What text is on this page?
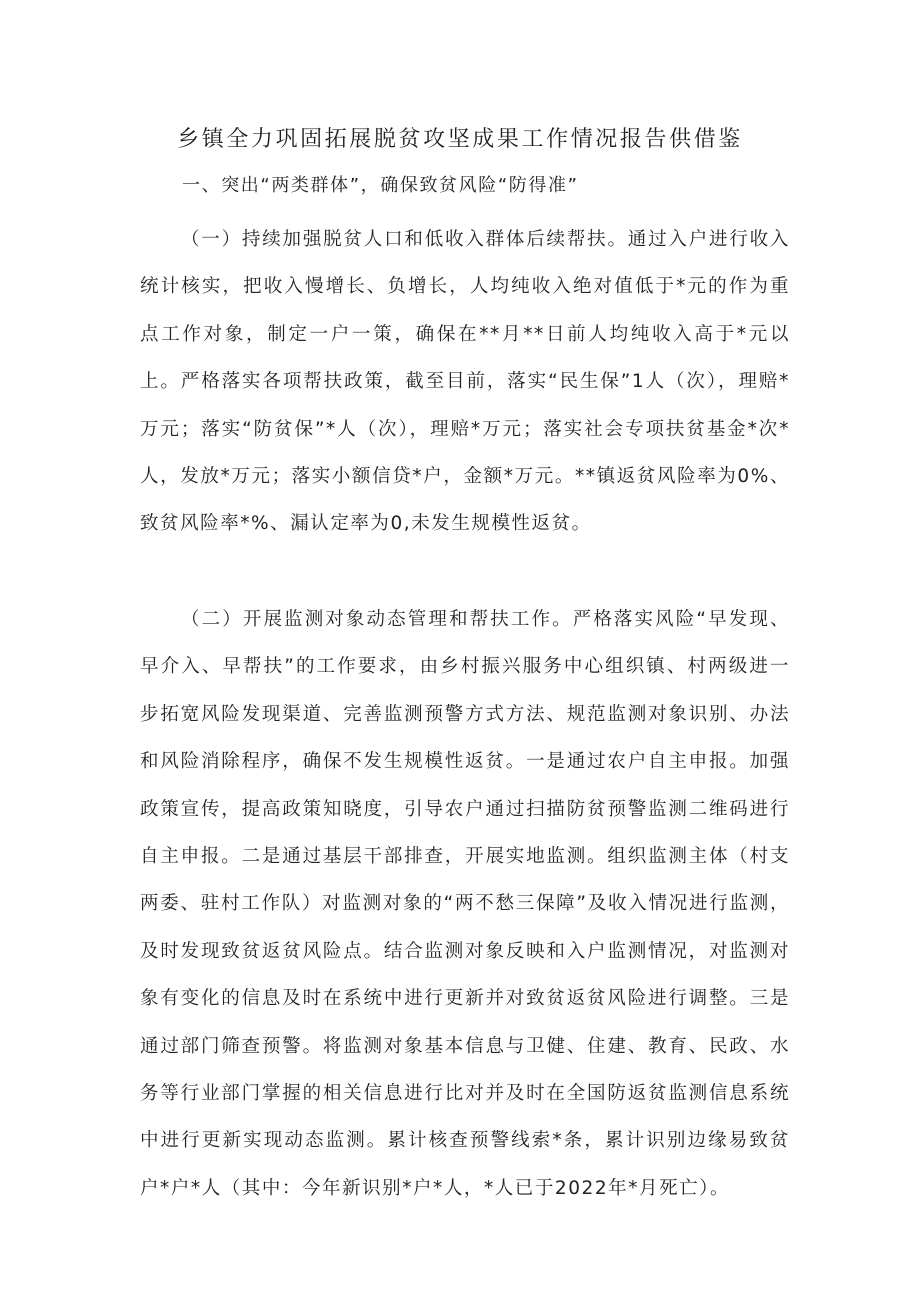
乡镇全力巩固拓展脱贫攻坚成果工作情况报告供借鉴
一、突出“两类群体”，确保致贫风险“防得准”

（一）持续加强脱贫人口和低收入群体后续帮扶。通过入户进行收入统计核实，把收入慢增长、负增长，人均纯收入绝对值低于*元的作为重点工作对象，制定一户一策，确保在**月**日前人均纯收入高于*元以上。严格落实各项帮扶政策，截至目前，落实“民生保”1人（次），理赔*万元；落实“防贫保”*人（次），理赔*万元；落实社会专项扶贫基金*次*人，发放*万元；落实小额信贷*户，金额*万元。**镇返贫风险率为0%、致贫风险率*%、漏认定率为0,未发生规模性返贫。

（二）开展监测对象动态管理和帮扶工作。严格落实风险“早发现、早介入、早帮扶”的工作要求，由乡村振兴服务中心组织镇、村两级进一步拓宽风险发现渠道、完善监测预警方式方法、规范监测对象识别、办法和风险消除程序，确保不发生规模性返贫。一是通过农户自主申报。加强政策宣传，提高政策知晓度，引导农户通过扫描防贫预警监测二维码进行自主申报。二是通过基层干部排查，开展实地监测。组织监测主体（村支两委、驻村工作队）对监测对象的“两不愁三保障”及收入情况进行监测，及时发现致贫返贫风险点。结合监测对象反映和入户监测情况，对监测对象有变化的信息及时在系统中进行更新并对致贫返贫风险进行调整。三是通过部门筛查预警。将监测对象基本信息与卫健、住建、教育、民政、水务等行业部门掌握的相关信息进行比对并及时在全国防返贫监测信息系统中进行更新实现动态监测。累计核查预警线索*条，累计识别边缘易致贫户*户*人（其中：今年新识别*户*人，*人已于2022年*月死亡）。
